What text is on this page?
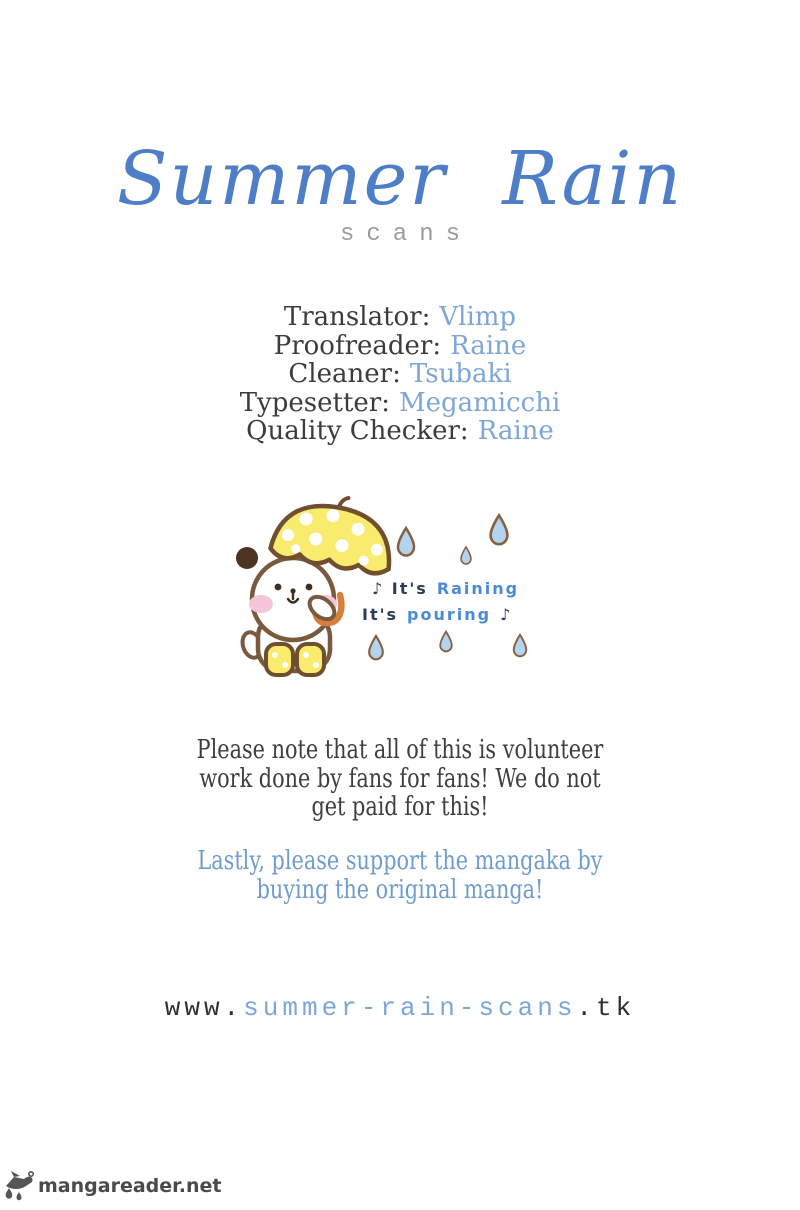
Summer Rain
scans
Translator: Vlimp
Proofreader: Raine
Cleaner: Tsubaki
Typesetter: Megamicchi
Quality Checker: Raine
♪ It's Raining
It's pouring ♪

Please note that all of this is volunteer
work done by fans for fans! We do not
get paid for this!

Lastly, please support the mangaka by
buying the original manga!

www.summer-rain-scans.tk
mangareader.net
